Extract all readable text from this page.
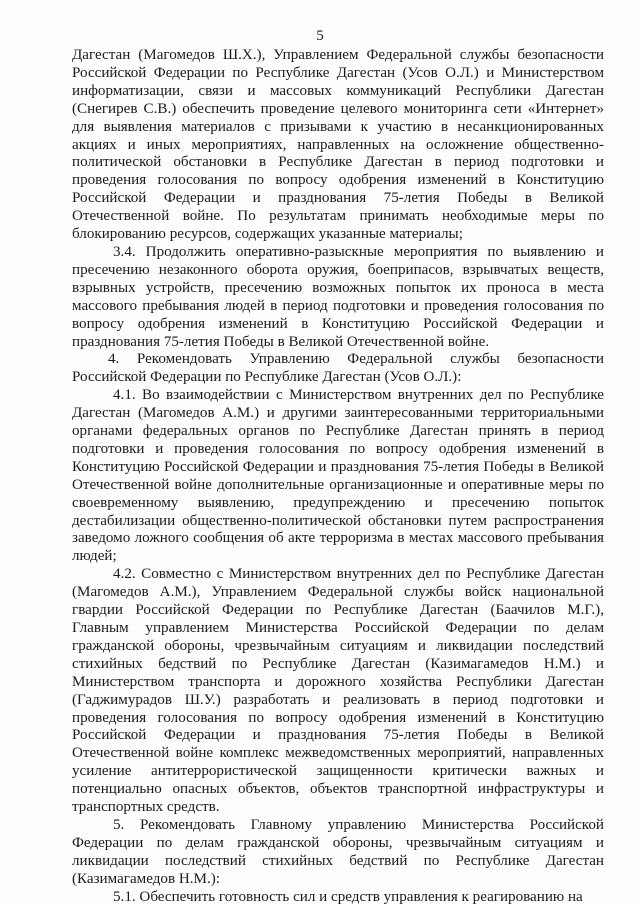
5

Дагестан (Магомедов Ш.Х.), Управлением Федеральной службы безопасности Российской Федерации по Республике Дагестан (Усов О.Л.) и Министерством информатизации, связи и массовых коммуникаций Республики Дагестан (Снегирев С.В.) обеспечить проведение целевого мониторинга сети «Интернет» для выявления материалов с призывами к участию в несанкционированных акциях и иных мероприятиях, направленных на осложнение общественно-политической обстановки в Республике Дагестан в период подготовки и проведения голосования по вопросу одобрения изменений в Конституцию Российской Федерации и празднования 75-летия Победы в Великой Отечественной войне. По результатам принимать необходимые меры по блокированию ресурсов, содержащих указанные материалы;

3.4. Продолжить оперативно-разыскные мероприятия по выявлению и пресечению незаконного оборота оружия, боеприпасов, взрывчатых веществ, взрывных устройств, пресечению возможных попыток их проноса в места массового пребывания людей в период подготовки и проведения голосования по вопросу одобрения изменений в Конституцию Российской Федерации и празднования 75-летия Победы в Великой Отечественной войне.

4. Рекомендовать Управлению Федеральной службы безопасности Российской Федерации по Республике Дагестан (Усов О.Л.):

4.1. Во взаимодействии с Министерством внутренних дел по Республике Дагестан (Магомедов А.М.) и другими заинтересованными территориальными органами федеральных органов по Республике Дагестан принять в период подготовки и проведения голосования по вопросу одобрения изменений в Конституцию Российской Федерации и празднования 75-летия Победы в Великой Отечественной войне дополнительные организационные и оперативные меры по своевременному выявлению, предупреждению и пресечению попыток дестабилизации общественно-политической обстановки путем распространения заведомо ложного сообщения об акте терроризма в местах массового пребывания людей;

4.2. Совместно с Министерством внутренних дел по Республике Дагестан (Магомедов А.М.), Управлением Федеральной службы войск национальной гвардии Российской Федерации по Республике Дагестан (Баачилов М.Г.), Главным управлением Министерства Российской Федерации по делам гражданской обороны, чрезвычайным ситуациям и ликвидации последствий стихийных бедствий по Республике Дагестан (Казимагамедов Н.М.) и Министерством транспорта и дорожного хозяйства Республики Дагестан (Гаджимурадов Ш.У.) разработать и реализовать в период подготовки и проведения голосования по вопросу одобрения изменений в Конституцию Российской Федерации и празднования 75-летия Победы в Великой Отечественной войне комплекс межведомственных мероприятий, направленных усиление антитеррористической защищенности критически важных и потенциально опасных объектов, объектов транспортной инфраструктуры и транспортных средств.

5. Рекомендовать Главному управлению Министерства Российской Федерации по делам гражданской обороны, чрезвычайным ситуациям и ликвидации последствий стихийных бедствий по Республике Дагестан (Казимагамедов Н.М.):

5.1. Обеспечить готовность сил и средств управления к реагированию на
